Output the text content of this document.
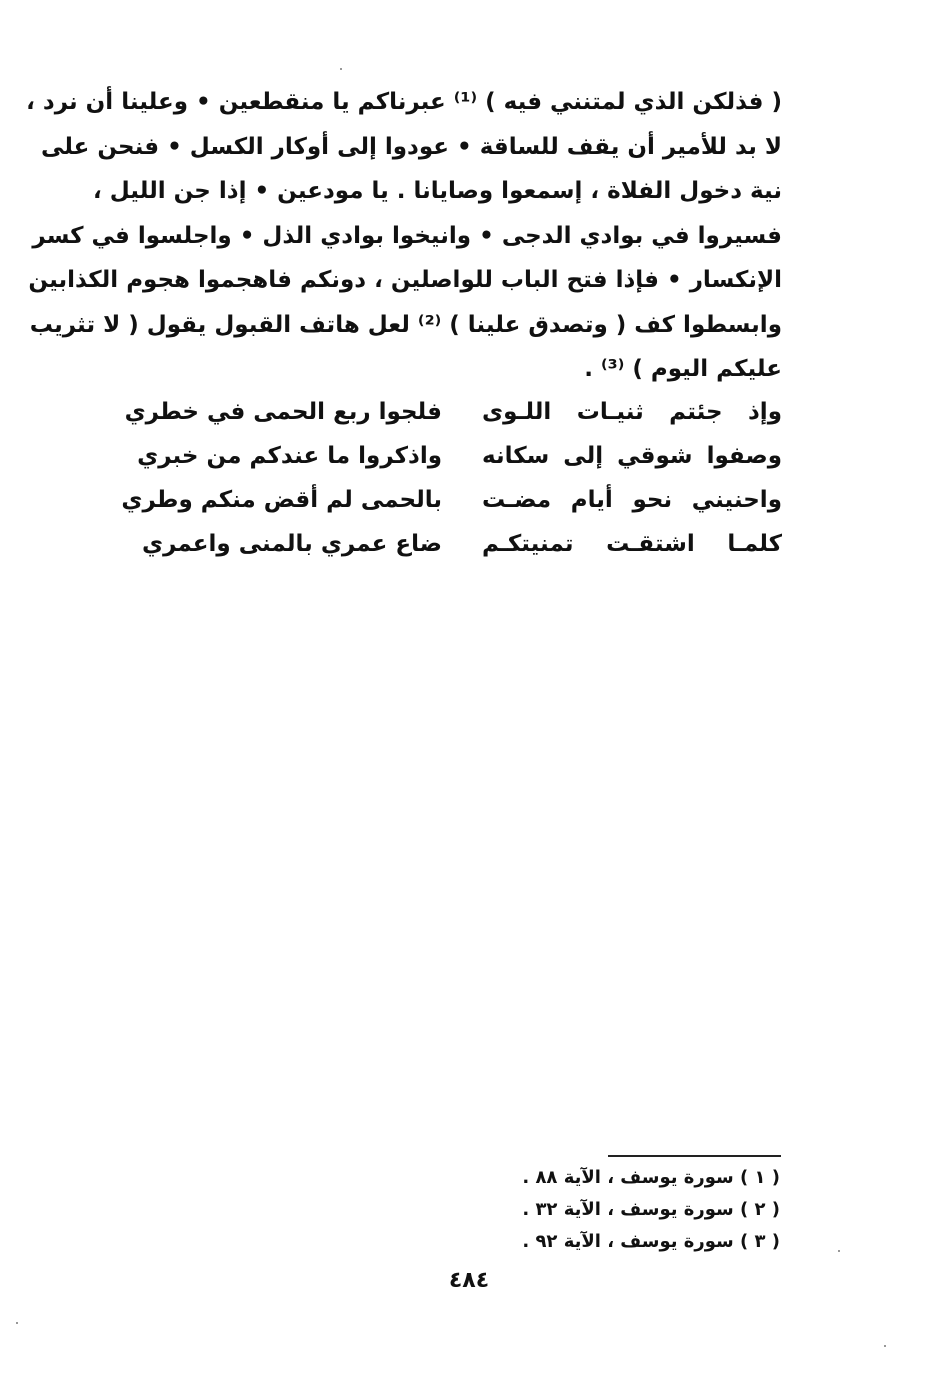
( فذلكن الذي لمتنني فيه ) ⁽¹⁾ عبرناكم يا منقطعين • وعلينا أن نرد ،
لا بد للأمير أن يقف للساقة • عودوا إلى أوكار الكسل • فنحن على
نية دخول الفلاة ، إسمعوا وصايانا . يا مودعين • إذا جن الليل ،
فسيروا في بوادي الدجى • وانيخوا بوادي الذل • واجلسوا في كسر
الإنكسار • فإذا فتح الباب للواصلين ، دونكم فاهجموا هجوم الكذابين
وابسطوا كف ( وتصدق علينا ) ⁽²⁾ لعل هاتف القبول يقول ( لا تثريب
عليكم اليوم ) ⁽³⁾ .
وإذ جئتم ثنيـات اللـوى
فلجوا ربع الحمى في خطري
وصفوا شوقي إلى سكانه
واذكروا ما عندكم من خبري
واحنيني نحو أيام مضـت
بالحمى لم أقض منكم وطري
كلمـا اشتقـت تمنيتكـم
ضاع عمري بالمنى واعمري
( ١ ) سورة يوسف ، الآية ٨٨ .
( ٢ ) سورة يوسف ، الآية ٣٢ .
( ٣ ) سورة يوسف ، الآية ٩٢ .
٤٨٤
